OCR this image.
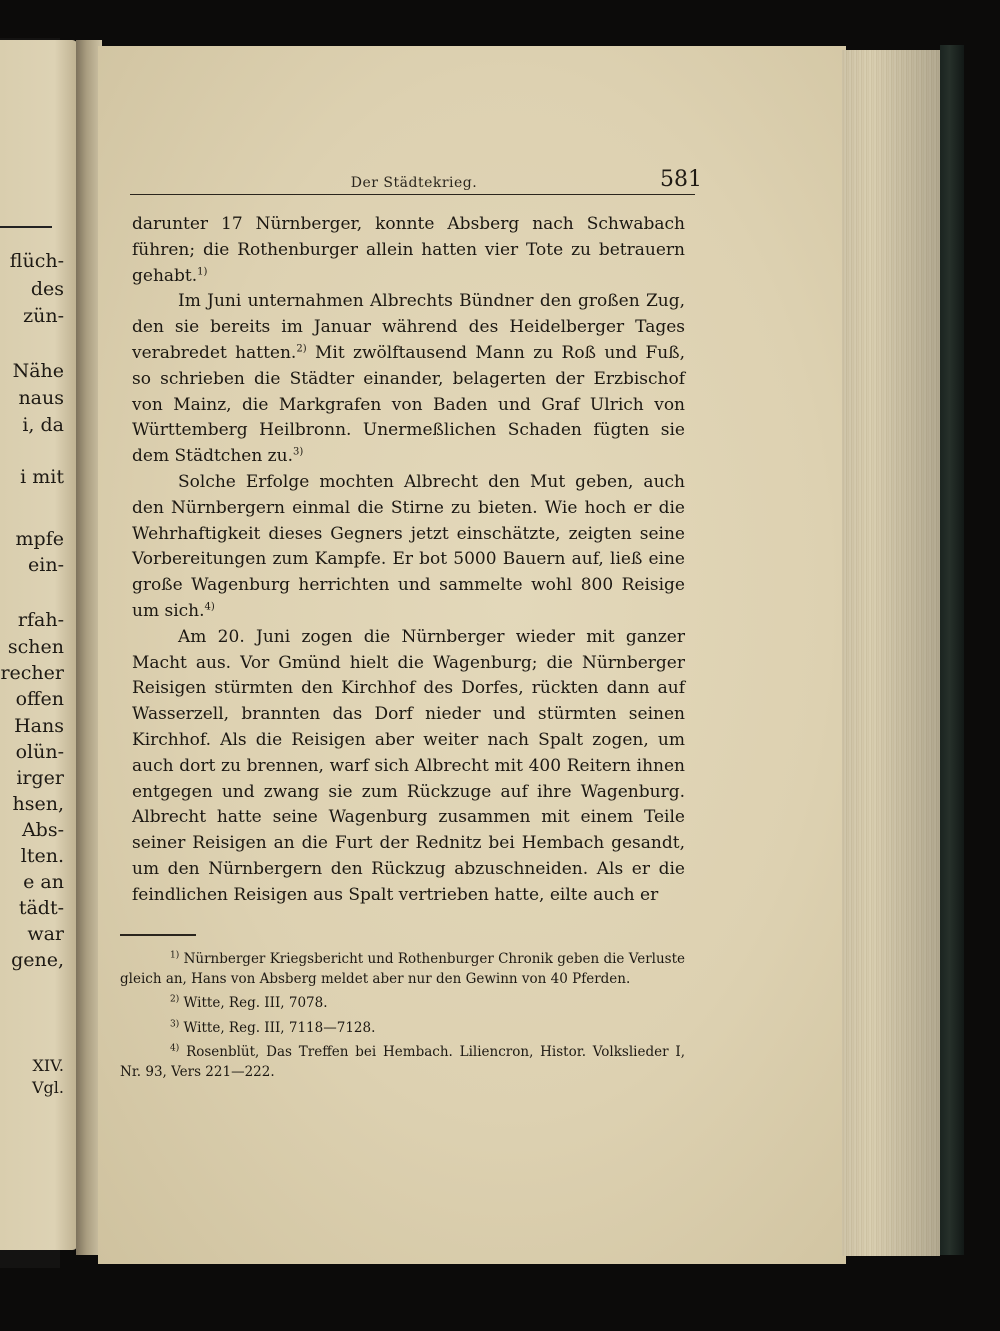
flüch-
des
zün-
Nähe
naus
i, da
i mit
mpfe
ein-
rfah-
schen
recher
offen
Hans
olün-
irger
hsen,
Abs-
lten.
e an
tädt-
war
gene,
XIV.
Vgl.
Der Städtekrieg.	581

darunter 17 Nürnberger, konnte Absberg nach Schwabach führen; die Rothenburger allein hatten vier Tote zu betrauern gehabt.$^{1)}$

Im Juni unternahmen Albrechts Bündner den großen Zug, den sie bereits im Januar während des Heidelberger Tages verabredet hatten.$^{2)}$ Mit zwölftausend Mann zu Roß und Fuß, so schrieben die Städter einander, belagerten der Erzbischof von Mainz, die Markgrafen von Baden und Graf Ulrich von Württemberg Heilbronn. Unermeßlichen Schaden fügten sie dem Städtchen zu.$^{3)}$

Solche Erfolge mochten Albrecht den Mut geben, auch den Nürnbergern einmal die Stirne zu bieten. Wie hoch er die Wehrhaftigkeit dieses Gegners jetzt einschätzte, zeigten seine Vorbereitungen zum Kampfe. Er bot 5000 Bauern auf, ließ eine große Wagenburg herrichten und sammelte wohl 800 Reisige um sich.$^{4)}$

Am 20. Juni zogen die Nürnberger wieder mit ganzer Macht aus. Vor Gmünd hielt die Wagenburg; die Nürnberger Reisigen stürmten den Kirchhof des Dorfes, rückten dann auf Wasserzell, brannten das Dorf nieder und stürmten seinen Kirchhof. Als die Reisigen aber weiter nach Spalt zogen, um auch dort zu brennen, warf sich Albrecht mit 400 Reitern ihnen entgegen und zwang sie zum Rückzuge auf ihre Wagenburg. Albrecht hatte seine Wagenburg zusammen mit einem Teile seiner Reisigen an die Furt der Rednitz bei Hembach gesandt, um den Nürnbergern den Rückzug abzuschneiden. Als er die feindlichen Reisigen aus Spalt vertrieben hatte, eilte auch er

$^{1)}$ Nürnberger Kriegsbericht und Rothenburger Chronik geben die Verluste gleich an, Hans von Absberg meldet aber nur den Gewinn von 40 Pferden.

$^{2)}$ Witte, Reg. III, 7078.

$^{3)}$ Witte, Reg. III, 7118—7128.

$^{4)}$ Rosenblüt, Das Treffen bei Hembach. Liliencron, Histor. Volkslieder I, Nr. 93, Vers 221—222.
